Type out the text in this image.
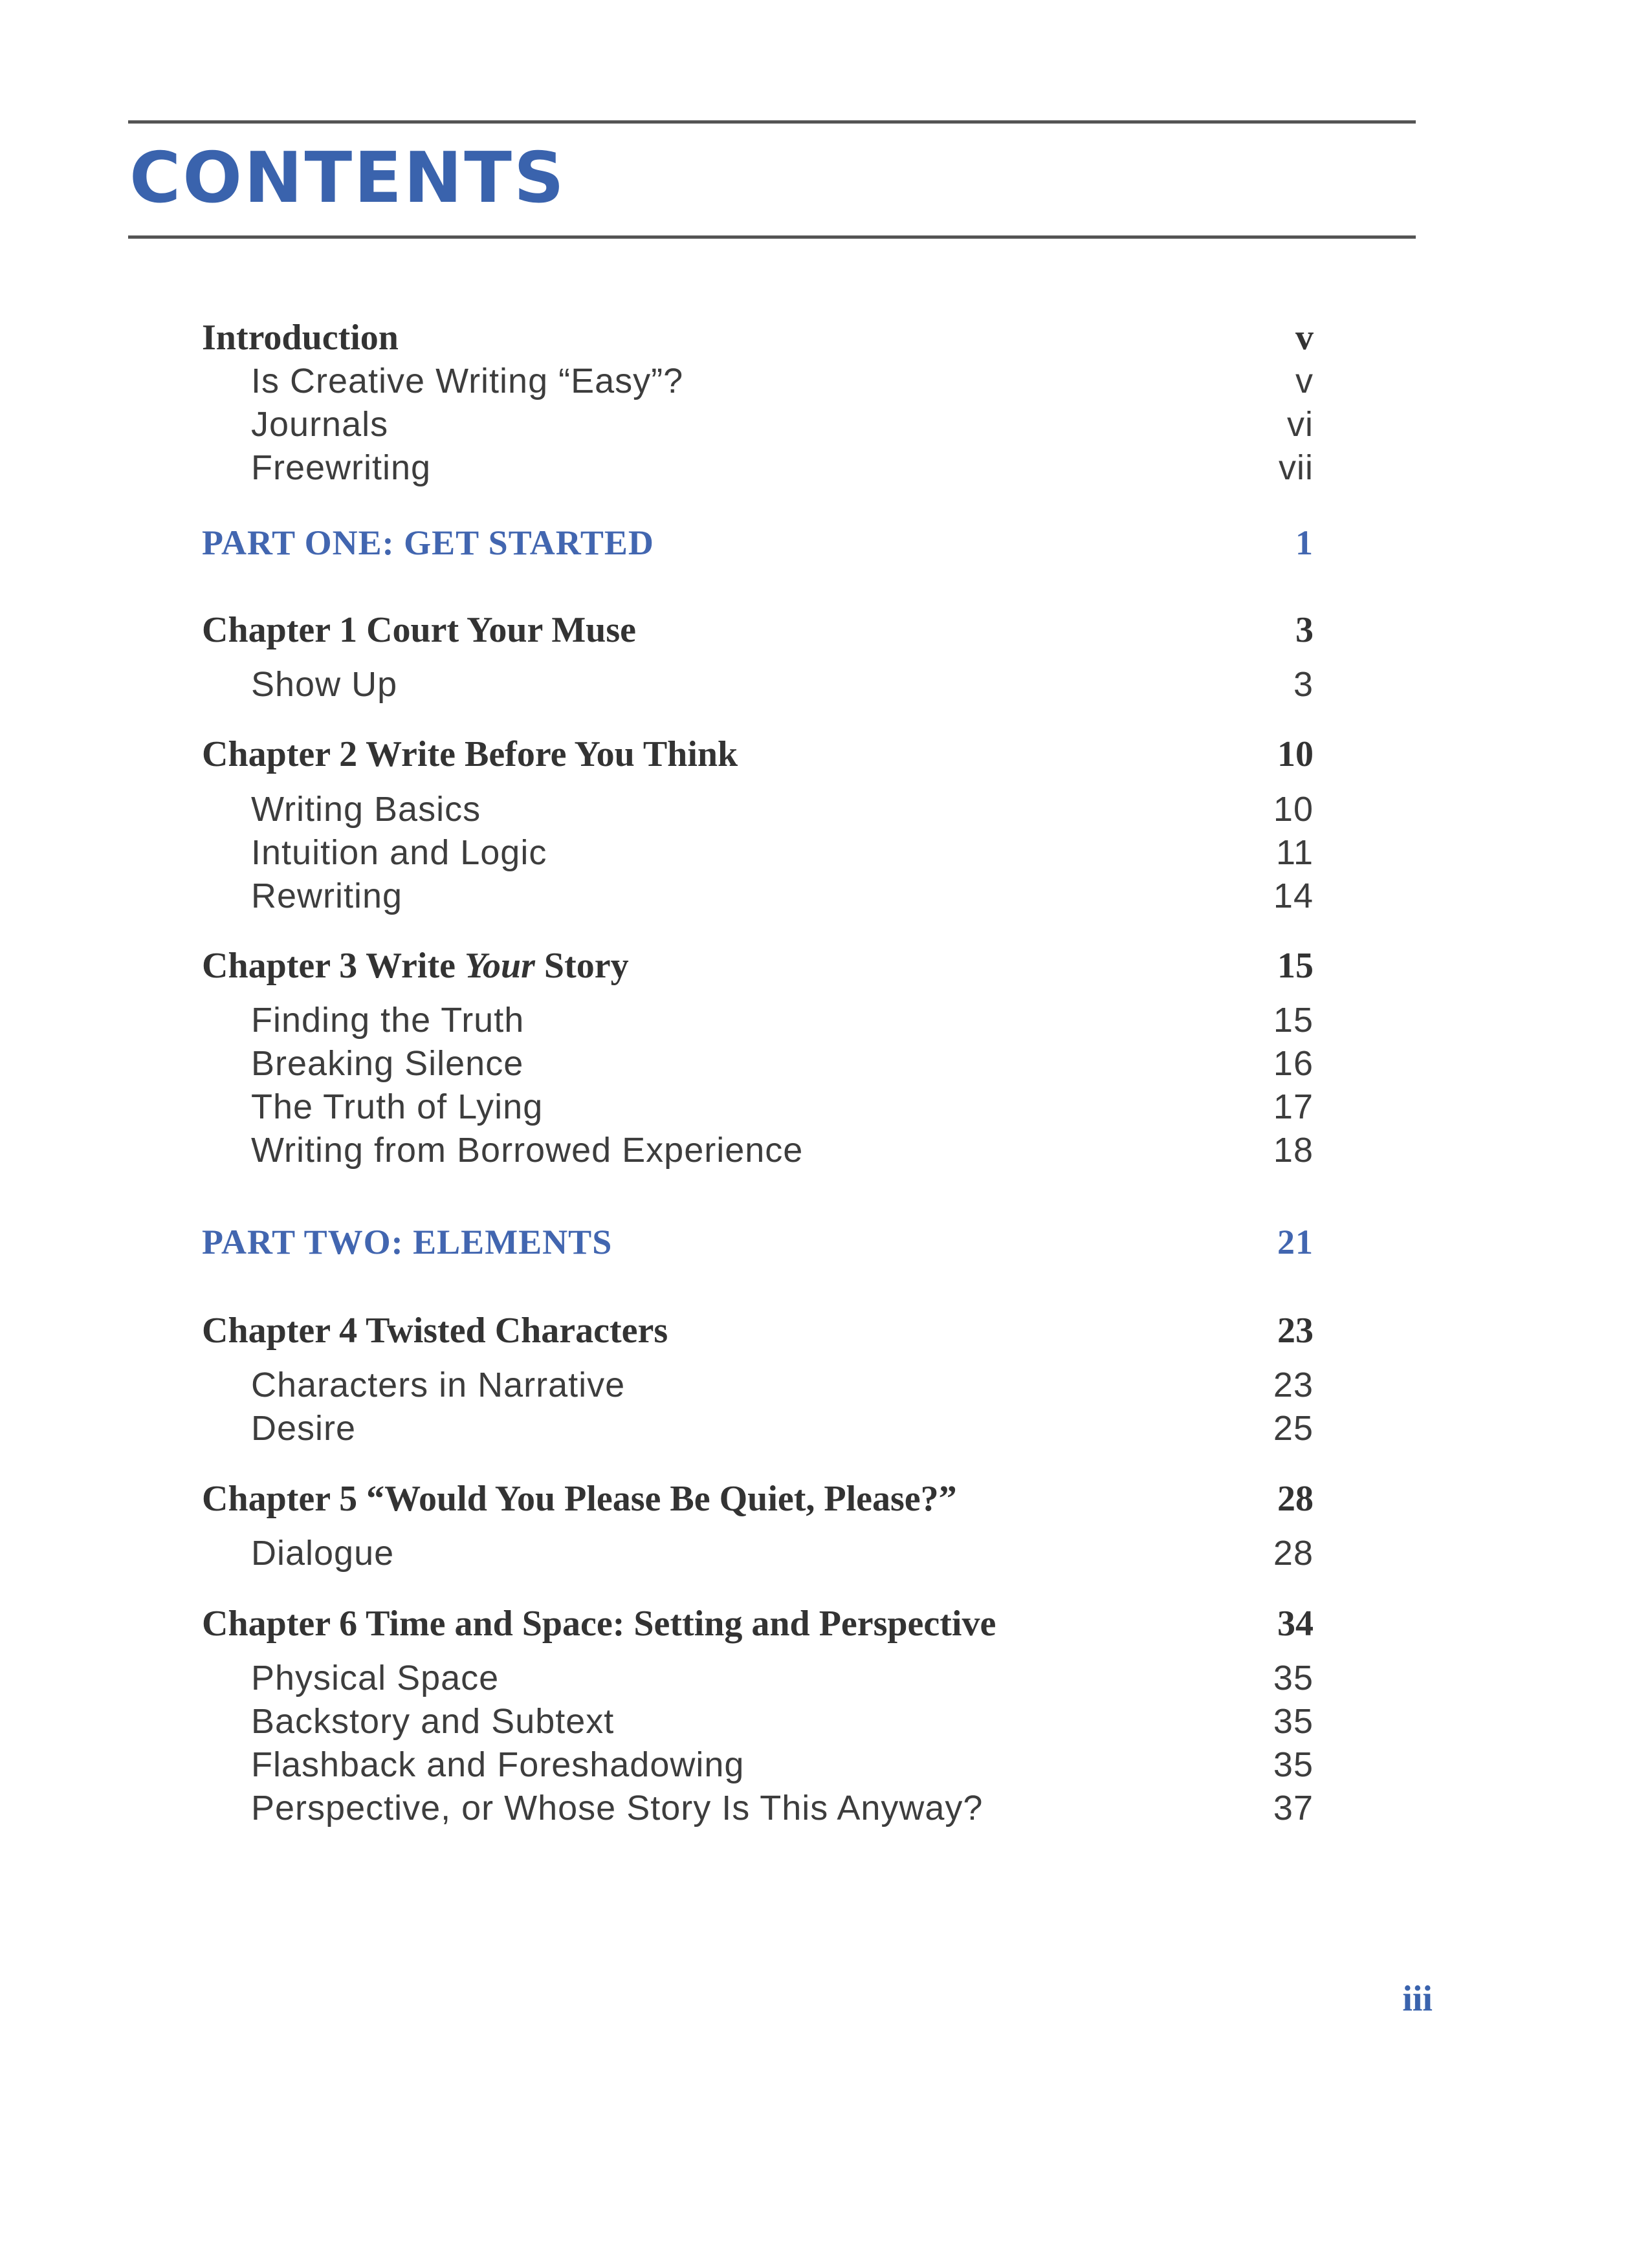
CONTENTS
Introduction	v
Is Creative Writing “Easy”?	v
Journals	vi
Freewriting	vii
PART ONE: GET STARTED	1
Chapter 1 Court Your Muse	3
Show Up	3
Chapter 2 Write Before You Think	10
Writing Basics	10
Intuition and Logic	11
Rewriting	14
Chapter 3 Write Your Story	15
Finding the Truth	15
Breaking Silence	16
The Truth of Lying	17
Writing from Borrowed Experience	18
PART TWO: ELEMENTS	21
Chapter 4 Twisted Characters	23
Characters in Narrative	23
Desire	25
Chapter 5 “Would You Please Be Quiet, Please?”	28
Dialogue	28
Chapter 6 Time and Space: Setting and Perspective	34
Physical Space	35
Backstory and Subtext	35
Flashback and Foreshadowing	35
Perspective, or Whose Story Is This Anyway?	37
iii
